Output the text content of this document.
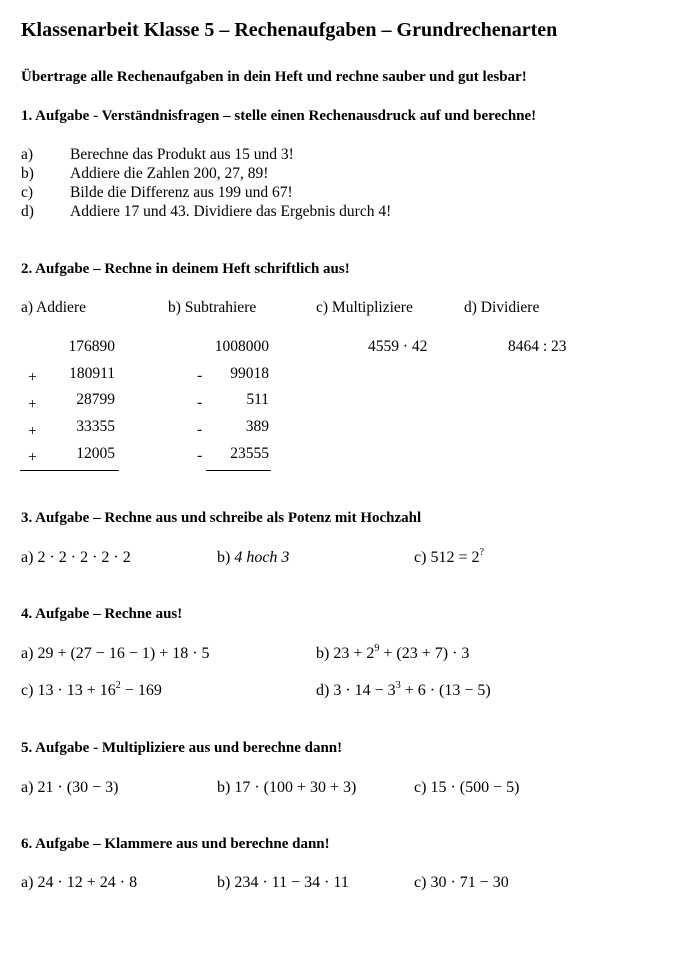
Klassenarbeit Klasse 5 – Rechenaufgaben – Grundrechenarten
Übertrage alle Rechenaufgaben in dein Heft und rechne sauber und gut lesbar!
1. Aufgabe - Verständnisfragen – stelle einen Rechenausdruck auf und berechne!
a) Berechne das Produkt aus 15 und 3!
b) Addiere die Zahlen 200, 27, 89!
c) Bilde die Differenz aus 199 und 67!
d) Addiere 17 und 43. Dividiere das Ergebnis durch 4!
2. Aufgabe – Rechne in deinem Heft schriftlich aus!
a) Addiere	b) Subtrahiere	c) Multipliziere	d) Dividiere
176890
+ 180911
+	28799
+	33355
+	12005
1008000
- 99018
-	511
-	389
- 23555
4559 · 42	8464 : 23
3. Aufgabe – Rechne aus und schreibe als Potenz mit Hochzahl
a) 2 · 2 · 2 · 2 · 2	b) 4 hoch 3	c) 512 = 2?
4. Aufgabe – Rechne aus!
a) 29 + (27 − 16 − 1) + 18 · 5	b) $23 + 2^9 + (23 + 7) \cdot 3$
c) $13 \cdot 13 + 16^2 - 169$	d) $3 \cdot 14 - 3^3 + 6 \cdot (13 - 5)$
5. Aufgabe - Multipliziere aus und berechne dann!
a) 21 · (30 − 3)	b) 17 · (100 + 30 + 3)	c) 15 · (500 − 5)
6. Aufgabe – Klammere aus und berechne dann!
a) 24 · 12 + 24 · 8	b) 234 · 11 − 34 · 11	c) 30 · 71 − 30
